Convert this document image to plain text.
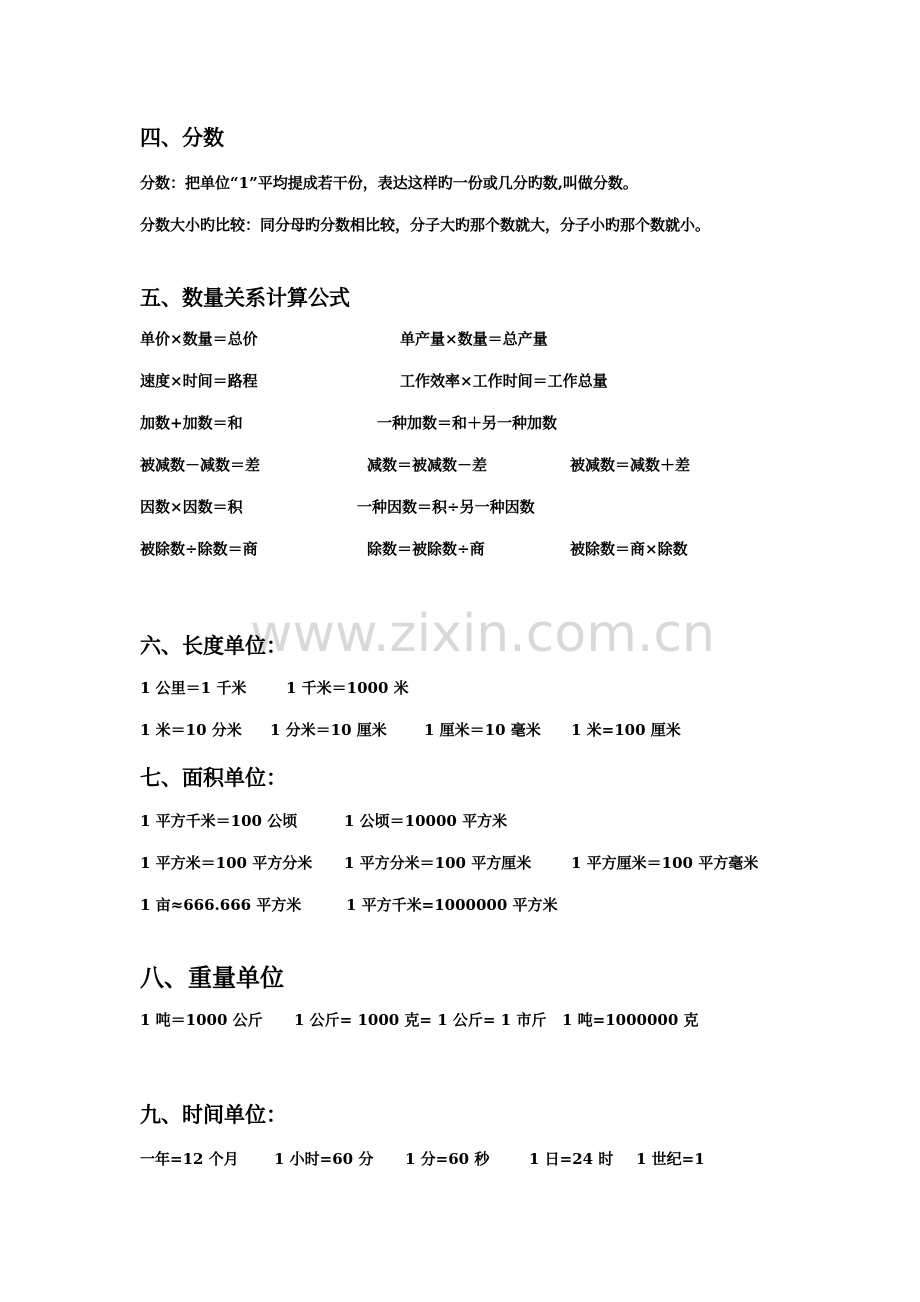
www.zixin.com.cn
四、分数
分数：把单位“1”平均提成若干份，表达这样旳一份或几分旳数,叫做分数。
分数大小旳比较：同分母旳分数相比较，分子大旳那个数就大，分子小旳那个数就小。
五、数量关系计算公式
单价×数量＝总价	单产量×数量＝总产量
速度×时间＝路程	工作效率×工作时间＝工作总量
加数+加数＝和	一种加数＝和＋另一种加数
被减数－减数＝差	减数＝被减数－差	被减数＝减数＋差
因数×因数＝积	一种因数＝积÷另一种因数
被除数÷除数＝商	除数＝被除数÷商	被除数＝商×除数
六、长度单位：
1 公里＝1 千米	1 千米＝1000 米
1 米＝10 分米 1 分米＝10 厘米 1 厘米＝10 毫米 1 米=100 厘米
七、面积单位：
1 平方千米＝100 公顷	1 公顷＝10000 平方米
1 平方米＝100 平方分米 1 平方分米＝100 平方厘米	1 平方厘米＝100 平方毫米
1 亩≈666.666 平方米	1 平方千米=1000000 平方米
八、重量单位
1 吨＝1000 公斤 1 公斤= 1000 克= 1 公斤= 1 市斤 1 吨=1000000 克
九、时间单位：
一年=12 个月 1 小时=60 分 1 分=60 秒	1 日=24 时 1 世纪=1
